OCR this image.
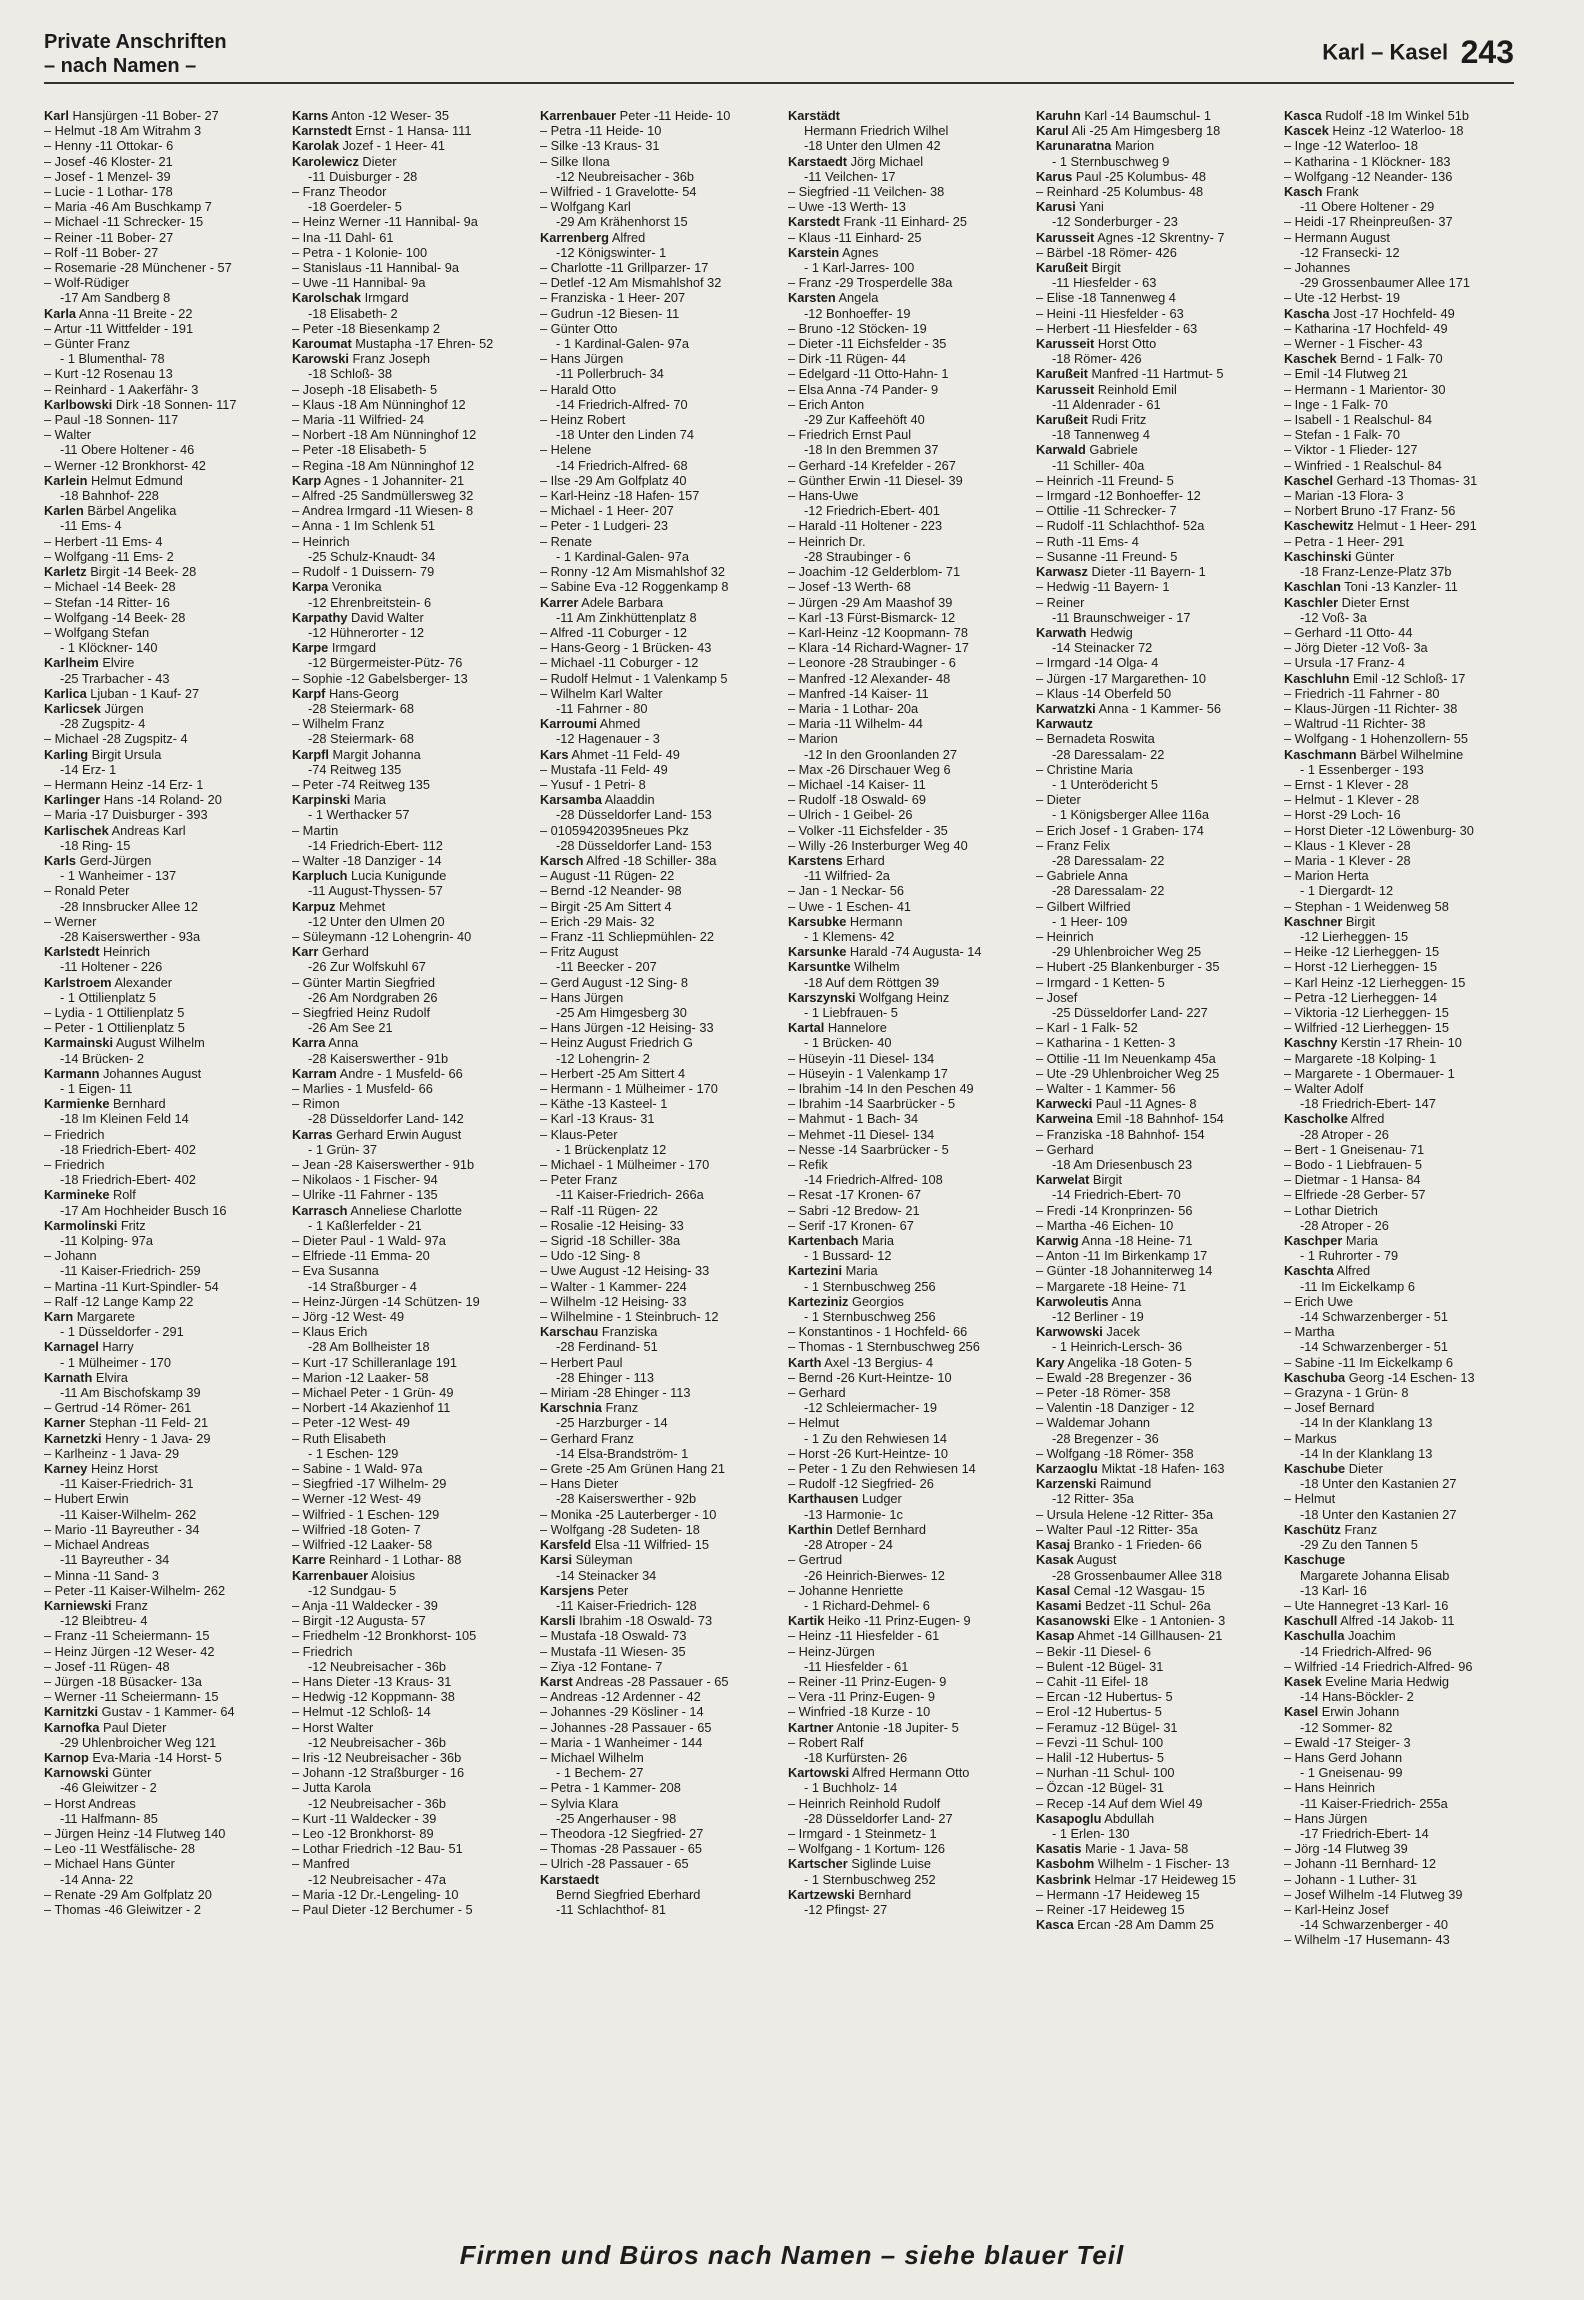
Private Anschriften
– nach Namen –
Karl – Kasel 243
Karl Hansjürgen -11 Bober- 27
– Helmut -18 Am Witrahm 3
– Henny -11 Ottokar- 6
– Josef -46 Kloster- 21
– Josef - 1 Menzel- 39
– Lucie - 1 Lothar- 178
– Maria -46 Am Buschkamp 7
– Michael -11 Schrecker- 15
– Reiner -11 Bober- 27
– Rolf -11 Bober- 27
– Rosemarie -28 Münchener - 57
– Wolf-Rüdiger
-17 Am Sandberg 8
Karla Anna -11 Breite - 22
– Artur -11 Wittfelder - 191
– Günter Franz
- 1 Blumenthal- 78
– Kurt -12 Rosenau 13
– Reinhard - 1 Aakerfähr- 3
Karlbowski Dirk -18 Sonnen- 117
– Paul -18 Sonnen- 117
– Walter
-11 Obere Holtener - 46
– Werner -12 Bronkhorst- 42
Karlein Helmut Edmund
-18 Bahnhof- 228
Karlen Bärbel Angelika
-11 Ems- 4
– Herbert -11 Ems- 4
– Wolfgang -11 Ems- 2
Karletz Birgit -14 Beek- 28
– Michael -14 Beek- 28
– Stefan -14 Ritter- 16
– Wolfgang -14 Beek- 28
– Wolfgang Stefan
- 1 Klöckner- 140
Karlheim Elvire
-25 Trarbacher - 43
Karlica Ljuban - 1 Kauf- 27
Karlicsek Jürgen
-28 Zugspitz- 4
– Michael -28 Zugspitz- 4
Karling Birgit Ursula
-14 Erz- 1
– Hermann Heinz -14 Erz- 1
Karlinger Hans -14 Roland- 20
– Maria -17 Duisburger - 393
Karlischek Andreas Karl
-18 Ring- 15
Karls Gerd-Jürgen
- 1 Wanheimer - 137
– Ronald Peter
-28 Innsbrucker Allee 12
– Werner
-28 Kaiserswerther - 93a
Karlstedt Heinrich
-11 Holtener - 226
Karlstroem Alexander
- 1 Ottilienplatz 5
– Lydia - 1 Ottilienplatz 5
– Peter - 1 Ottilienplatz 5
Karmainski August Wilhelm
-14 Brücken- 2
Karmann Johannes August
- 1 Eigen- 11
Karmienke Bernhard
-18 Im Kleinen Feld 14
– Friedrich
-18 Friedrich-Ebert- 402
– Friedrich
-18 Friedrich-Ebert- 402
Karmineke Rolf
-17 Am Hochheider Busch 16
Karmolinski Fritz
-11 Kolping- 97a
– Johann
-11 Kaiser-Friedrich- 259
– Martina -11 Kurt-Spindler- 54
– Ralf -12 Lange Kamp 22
Karn Margarete
- 1 Düsseldorfer - 291
Karnagel Harry
- 1 Mülheimer - 170
Karnath Elvira
-11 Am Bischofskamp 39
– Gertrud -14 Römer- 261
Karner Stephan -11 Feld- 21
Karnetzki Henry - 1 Java- 29
– Karlheinz - 1 Java- 29
Karney Heinz Horst
-11 Kaiser-Friedrich- 31
– Hubert Erwin
-11 Kaiser-Wilhelm- 262
– Mario -11 Bayreuther - 34
– Michael Andreas
-11 Bayreuther - 34
– Minna -11 Sand- 3
– Peter -11 Kaiser-Wilhelm- 262
Karniewski Franz
-12 Bleibtreu- 4
– Franz -11 Scheiermann- 15
– Heinz Jürgen -12 Weser- 42
– Josef -11 Rügen- 48
– Jürgen -18 Büsacker- 13a
– Werner -11 Scheiermann- 15
Karnitzki Gustav - 1 Kammer- 64
Karnofka Paul Dieter
-29 Uhlenbroicher Weg 121
Karnop Eva-Maria -14 Horst- 5
Karnowski Günter
-46 Gleiwitzer - 2
– Horst Andreas
-11 Halfmann- 85
– Jürgen Heinz -14 Flutweg 140
– Leo -11 Westfälische- 28
– Michael Hans Günter
-14 Anna- 22
– Renate -29 Am Golfplatz 20
– Thomas -46 Gleiwitzer - 2
Karns Anton -12 Weser- 35
Karnstedt Ernst - 1 Hansa- 111
Karolak Jozef - 1 Heer- 41
Karolewicz Dieter
-11 Duisburger - 28
– Franz Theodor
-18 Goerdeler- 5
– Heinz Werner -11 Hannibal- 9a
– Ina -11 Dahl- 61
– Petra - 1 Kolonie- 100
– Stanislaus -11 Hannibal- 9a
– Uwe -11 Hannibal- 9a
Karolschak Irmgard
-18 Elisabeth- 2
– Peter -18 Biesenkamp 2
Karoumat Mustapha -17 Ehren- 52
Karowski Franz Joseph
-18 Schloß- 38
– Joseph -18 Elisabeth- 5
– Klaus -18 Am Nünninghof 12
– Maria -11 Wilfried- 24
– Norbert -18 Am Nünninghof 12
– Peter -18 Elisabeth- 5
– Regina -18 Am Nünninghof 12
Karp Agnes - 1 Johanniter- 21
– Alfred -25 Sandmüllersweg 32
– Andrea Irmgard -11 Wiesen- 8
– Anna - 1 Im Schlenk 51
– Heinrich
-25 Schulz-Knaudt- 34
– Rudolf - 1 Duissern- 79
Karpa Veronika
-12 Ehrenbreitstein- 6
Karpathy David Walter
-12 Hühnerorter - 12
Karpe Irmgard
-12 Bürgermeister-Pütz- 76
– Sophie -12 Gabelsberger- 13
Karpf Hans-Georg
-28 Steiermark- 68
– Wilhelm Franz
-28 Steiermark- 68
Karpfl Margit Johanna
-74 Reitweg 135
– Peter -74 Reitweg 135
Karpinski Maria
- 1 Werthacker 57
– Martin
-14 Friedrich-Ebert- 112
– Walter -18 Danziger - 14
Karpluch Lucia Kunigunde
-11 August-Thyssen- 57
Karpuz Mehmet
-12 Unter den Ulmen 20
– Süleymann -12 Lohengrin- 40
Karr Gerhard
-26 Zur Wolfskuhl 67
– Günter Martin Siegfried
-26 Am Nordgraben 26
– Siegfried Heinz Rudolf
-26 Am See 21
Karra Anna
-28 Kaiserswerther - 91b
Karram Andre - 1 Musfeld- 66
– Marlies - 1 Musfeld- 66
– Rimon
-28 Düsseldorfer Land- 142
Karras Gerhard Erwin August
- 1 Grün- 37
– Jean -28 Kaiserswerther - 91b
– Nikolaos - 1 Fischer- 94
– Ulrike -11 Fahrner - 135
Karrasch Anneliese Charlotte
- 1 Kaßlerfelder - 21
– Dieter Paul - 1 Wald- 97a
– Elfriede -11 Emma- 20
– Eva Susanna
-14 Straßburger - 4
– Heinz-Jürgen -14 Schützen- 19
– Jörg -12 West- 49
– Klaus Erich
-28 Am Bollheister 18
– Kurt -17 Schilleranlage 191
– Marion -12 Laaker- 58
– Michael Peter - 1 Grün- 49
– Norbert -14 Akazienhof 11
– Peter -12 West- 49
– Ruth Elisabeth
- 1 Eschen- 129
– Sabine - 1 Wald- 97a
– Siegfried -17 Wilhelm- 29
– Werner -12 West- 49
– Wilfried - 1 Eschen- 129
– Wilfried -18 Goten- 7
– Wilfried -12 Laaker- 58
Karre Reinhard - 1 Lothar- 88
Karrenbauer Aloisius
-12 Sundgau- 5
– Anja -11 Waldecker - 39
– Birgit -12 Augusta- 57
– Friedhelm -12 Bronkhorst- 105
– Friedrich
-12 Neubreisacher - 36b
– Hans Dieter -13 Kraus- 31
– Hedwig -12 Koppmann- 38
– Helmut -12 Schloß- 14
– Horst Walter
-12 Neubreisacher - 36b
– Iris -12 Neubreisacher - 36b
– Johann -12 Straßburger - 16
– Jutta Karola
-12 Neubreisacher - 36b
– Kurt -11 Waldecker - 39
– Leo -12 Bronkhorst- 89
– Lothar Friedrich -12 Bau- 51
– Manfred
-12 Neubreisacher - 47a
– Maria -12 Dr.-Lengeling- 10
– Paul Dieter -12 Berchumer - 5
Karrenbauer Peter -11 Heide- 10
– Petra -11 Heide- 10
– Silke -13 Kraus- 31
– Silke Ilona
-12 Neubreisacher - 36b
– Wilfried - 1 Gravelotte- 54
– Wolfgang Karl
-29 Am Krähenhorst 15
Karrenberg Alfred
-12 Königswinter- 1
– Charlotte -11 Grillparzer- 17
– Detlef -12 Am Mismahlshof 32
– Franziska - 1 Heer- 207
– Gudrun -12 Biesen- 11
– Günter Otto
- 1 Kardinal-Galen- 97a
– Hans Jürgen
-11 Pollerbruch- 34
– Harald Otto
-14 Friedrich-Alfred- 70
– Heinz Robert
-18 Unter den Linden 74
– Helene
-14 Friedrich-Alfred- 68
– Ilse -29 Am Golfplatz 40
– Karl-Heinz -18 Hafen- 157
– Michael - 1 Heer- 207
– Peter - 1 Ludgeri- 23
– Renate
- 1 Kardinal-Galen- 97a
– Ronny -12 Am Mismahlshof 32
– Sabine Eva -12 Roggenkamp 8
Karrer Adele Barbara
-11 Am Zinkhüttenplatz 8
– Alfred -11 Coburger - 12
– Hans-Georg - 1 Brücken- 43
– Michael -11 Coburger - 12
– Rudolf Helmut - 1 Valenkamp 5
– Wilhelm Karl Walter
-11 Fahrner - 80
Karroumi Ahmed
-12 Hagenauer - 3
Kars Ahmet -11 Feld- 49
– Mustafa -11 Feld- 49
– Yusuf - 1 Petri- 8
Karsamba Alaaddin
-28 Düsseldorfer Land- 153
– 01059420395neues Pkz
-28 Düsseldorfer Land- 153
Karsch Alfred -18 Schiller- 38a
– August -11 Rügen- 22
– Bernd -12 Neander- 98
– Birgit -25 Am Sittert 4
– Erich -29 Mais- 32
– Franz -11 Schliepmühlen- 22
– Fritz August
-11 Beecker - 207
– Gerd August -12 Sing- 8
– Hans Jürgen
-25 Am Himgesberg 30
– Hans Jürgen -12 Heising- 33
– Heinz August Friedrich G
-12 Lohengrin- 2
– Herbert -25 Am Sittert 4
– Hermann - 1 Mülheimer - 170
– Käthe -13 Kasteel- 1
– Karl -13 Kraus- 31
– Klaus-Peter
- 1 Brückenplatz 12
– Michael - 1 Mülheimer - 170
– Peter Franz
-11 Kaiser-Friedrich- 266a
– Ralf -11 Rügen- 22
– Rosalie -12 Heising- 33
– Sigrid -18 Schiller- 38a
– Udo -12 Sing- 8
– Uwe August -12 Heising- 33
– Walter - 1 Kammer- 224
– Wilhelm -12 Heising- 33
– Wilhelmine - 1 Steinbruch- 12
Karschau Franziska
-28 Ferdinand- 51
– Herbert Paul
-28 Ehinger - 113
– Miriam -28 Ehinger - 113
Karschnia Franz
-25 Harzburger - 14
– Gerhard Franz
-14 Elsa-Brandström- 1
– Grete -25 Am Grünen Hang 21
– Hans Dieter
-28 Kaiserswerther - 92b
– Monika -25 Lauterberger - 10
– Wolfgang -28 Sudeten- 18
Karsfeld Elsa -11 Wilfried- 15
Karsi Süleyman
-14 Steinacker 34
Karsjens Peter
-11 Kaiser-Friedrich- 128
Karsli Ibrahim -18 Oswald- 73
– Mustafa -18 Oswald- 73
– Mustafa -11 Wiesen- 35
– Ziya -12 Fontane- 7
Karst Andreas -28 Passauer - 65
– Andreas -12 Ardenner - 42
– Johannes -29 Kösliner - 14
– Johannes -28 Passauer - 65
– Maria - 1 Wanheimer - 144
– Michael Wilhelm
- 1 Bechem- 27
– Petra - 1 Kammer- 208
– Sylvia Klara
-25 Angerhauser - 98
– Theodora -12 Siegfried- 27
– Thomas -28 Passauer - 65
– Ulrich -28 Passauer - 65
Karstaedt
Bernd Siegfried Eberhard
-11 Schlachthof- 81
Karstädt
Hermann Friedrich Wilhel
-18 Unter den Ulmen 42
Karstaedt Jörg Michael
-11 Veilchen- 17
– Siegfried -11 Veilchen- 38
– Uwe -13 Werth- 13
Karstedt Frank -11 Einhard- 25
– Klaus -11 Einhard- 25
Karstein Agnes
- 1 Karl-Jarres- 100
– Franz -29 Trosperdelle 38a
Karsten Angela
-12 Bonhoeffer- 19
– Bruno -12 Stöcken- 19
– Dieter -11 Eichsfelder - 35
– Dirk -11 Rügen- 44
– Edelgard -11 Otto-Hahn- 1
– Elsa Anna -74 Pander- 9
– Erich Anton
-29 Zur Kaffeehöft 40
– Friedrich Ernst Paul
-18 In den Bremmen 37
– Gerhard -14 Krefelder - 267
– Günther Erwin -11 Diesel- 39
– Hans-Uwe
-12 Friedrich-Ebert- 401
– Harald -11 Holtener - 223
– Heinrich Dr.
-28 Straubinger - 6
– Joachim -12 Gelderblom- 71
– Josef -13 Werth- 68
– Jürgen -29 Am Maashof 39
– Karl -13 Fürst-Bismarck- 12
– Karl-Heinz -12 Koopmann- 78
– Klara -14 Richard-Wagner- 17
– Leonore -28 Straubinger - 6
– Manfred -12 Alexander- 48
– Manfred -14 Kaiser- 11
– Maria - 1 Lothar- 20a
– Maria -11 Wilhelm- 44
– Marion
-12 In den Groonlanden 27
– Max -26 Dirschauer Weg 6
– Michael -14 Kaiser- 11
– Rudolf -18 Oswald- 69
– Ulrich - 1 Geibel- 26
– Volker -11 Eichsfelder - 35
– Willy -26 Insterburger Weg 40
Karstens Erhard
-11 Wilfried- 2a
– Jan - 1 Neckar- 56
– Uwe - 1 Eschen- 41
Karsubke Hermann
- 1 Klemens- 42
Karsunke Harald -74 Augusta- 14
Karsuntke Wilhelm
-18 Auf dem Röttgen 39
Karszynski Wolfgang Heinz
- 1 Liebfrauen- 5
Kartal Hannelore
- 1 Brücken- 40
– Hüseyin -11 Diesel- 134
– Hüseyin - 1 Valenkamp 17
– Ibrahim -14 In den Peschen 49
– Ibrahim -14 Saarbrücker - 5
– Mahmut - 1 Bach- 34
– Mehmet -11 Diesel- 134
– Nesse -14 Saarbrücker - 5
– Refik
-14 Friedrich-Alfred- 108
– Resat -17 Kronen- 67
– Sabri -12 Bredow- 21
– Serif -17 Kronen- 67
Kartenbach Maria
- 1 Bussard- 12
Kartezini Maria
- 1 Sternbuschweg 256
Karteziniz Georgios
- 1 Sternbuschweg 256
– Konstantinos - 1 Hochfeld- 66
– Thomas - 1 Sternbuschweg 256
Karth Axel -13 Bergius- 4
– Bernd -26 Kurt-Heintze- 10
– Gerhard
-12 Schleiermacher- 19
– Helmut
- 1 Zu den Rehwiesen 14
– Horst -26 Kurt-Heintze- 10
– Peter - 1 Zu den Rehwiesen 14
– Rudolf -12 Siegfried- 26
Karthausen Ludger
-13 Harmonie- 1c
Karthin Detlef Bernhard
-28 Atroper - 24
– Gertrud
-26 Heinrich-Bierwes- 12
– Johanne Henriette
- 1 Richard-Dehmel- 6
Kartik Heiko -11 Prinz-Eugen- 9
– Heinz -11 Hiesfelder - 61
– Heinz-Jürgen
-11 Hiesfelder - 61
– Reiner -11 Prinz-Eugen- 9
– Vera -11 Prinz-Eugen- 9
– Winfried -18 Kurze - 10
Kartner Antonie -18 Jupiter- 5
– Robert Ralf
-18 Kurfürsten- 26
Kartowski Alfred Hermann Otto
- 1 Buchholz- 14
– Heinrich Reinhold Rudolf
-28 Düsseldorfer Land- 27
– Irmgard - 1 Steinmetz- 1
– Wolfgang - 1 Kortum- 126
Kartscher Siglinde Luise
- 1 Sternbuschweg 252
Kartzewski Bernhard
-12 Pfingst- 27
Karuhn Karl -14 Baumschul- 1
Karul Ali -25 Am Himgesberg 18
Karunaratna Marion
- 1 Sternbuschweg 9
Karus Paul -25 Kolumbus- 48
– Reinhard -25 Kolumbus- 48
Karusi Yani
-12 Sonderburger - 23
Karusseit Agnes -12 Skrentny- 7
– Bärbel -18 Römer- 426
Karußeit Birgit
-11 Hiesfelder - 63
– Elise -18 Tannenweg 4
– Heini -11 Hiesfelder - 63
– Herbert -11 Hiesfelder - 63
Karusseit Horst Otto
-18 Römer- 426
Karußeit Manfred -11 Hartmut- 5
Karusseit Reinhold Emil
-11 Aldenrader - 61
Karußeit Rudi Fritz
-18 Tannenweg 4
Karwald Gabriele
-11 Schiller- 40a
– Heinrich -11 Freund- 5
– Irmgard -12 Bonhoeffer- 12
– Ottilie -11 Schrecker- 7
– Rudolf -11 Schlachthof- 52a
– Ruth -11 Ems- 4
– Susanne -11 Freund- 5
Karwasz Dieter -11 Bayern- 1
– Hedwig -11 Bayern- 1
– Reiner
-11 Braunschweiger - 17
Karwath Hedwig
-14 Steinacker 72
– Irmgard -14 Olga- 4
– Jürgen -17 Margarethen- 10
– Klaus -14 Oberfeld 50
Karwatzki Anna - 1 Kammer- 56
Karwautz
– Bernadeta Roswita
-28 Daressalam- 22
– Christine Maria
- 1 Unterödericht 5
– Dieter
- 1 Königsberger Allee 116a
– Erich Josef - 1 Graben- 174
– Franz Felix
-28 Daressalam- 22
– Gabriele Anna
-28 Daressalam- 22
– Gilbert Wilfried
- 1 Heer- 109
– Heinrich
-29 Uhlenbroicher Weg 25
– Hubert -25 Blankenburger - 35
– Irmgard - 1 Ketten- 5
– Josef
-25 Düsseldorfer Land- 227
– Karl - 1 Falk- 52
– Katharina - 1 Ketten- 3
– Ottilie -11 Im Neuenkamp 45a
– Ute -29 Uhlenbroicher Weg 25
– Walter - 1 Kammer- 56
Karwecki Paul -11 Agnes- 8
Karweina Emil -18 Bahnhof- 154
– Franziska -18 Bahnhof- 154
– Gerhard
-18 Am Driesenbusch 23
Karwelat Birgit
-14 Friedrich-Ebert- 70
– Fredi -14 Kronprinzen- 56
– Martha -46 Eichen- 10
Karwig Anna -18 Heine- 71
– Anton -11 Im Birkenkamp 17
– Günter -18 Johanniterweg 14
– Margarete -18 Heine- 71
Karwoleutis Anna
-12 Berliner - 19
Karwowski Jacek
- 1 Heinrich-Lersch- 36
Kary Angelika -18 Goten- 5
– Ewald -28 Bregenzer - 36
– Peter -18 Römer- 358
– Valentin -18 Danziger - 12
– Waldemar Johann
-28 Bregenzer - 36
– Wolfgang -18 Römer- 358
Karzaoglu Miktat -18 Hafen- 163
Karzenski Raimund
-12 Ritter- 35a
– Ursula Helene -12 Ritter- 35a
– Walter Paul -12 Ritter- 35a
Kasaj Branko - 1 Frieden- 66
Kasak August
-28 Grossenbaumer Allee 318
Kasal Cemal -12 Wasgau- 15
Kasami Bedzet -11 Schul- 26a
Kasanowski Elke - 1 Antonien- 3
Kasap Ahmet -14 Gillhausen- 21
– Bekir -11 Diesel- 6
– Bulent -12 Bügel- 31
– Cahit -11 Eifel- 18
– Ercan -12 Hubertus- 5
– Erol -12 Hubertus- 5
– Feramuz -12 Bügel- 31
– Fevzi -11 Schul- 100
– Halil -12 Hubertus- 5
– Nurhan -11 Schul- 100
– Özcan -12 Bügel- 31
– Recep -14 Auf dem Wiel 49
Kasapoglu Abdullah
- 1 Erlen- 130
Kasatis Marie - 1 Java- 58
Kasbohm Wilhelm - 1 Fischer- 13
Kasbrink Helmar -17 Heideweg 15
– Hermann -17 Heideweg 15
– Reiner -17 Heideweg 15
Kasca Ercan -28 Am Damm 25
Kasca Rudolf -18 Im Winkel 51b
Kascek Heinz -12 Waterloo- 18
– Inge -12 Waterloo- 18
– Katharina - 1 Klöckner- 183
– Wolfgang -12 Neander- 136
Kasch Frank
-11 Obere Holtener - 29
– Heidi -17 Rheinpreußen- 37
– Hermann August
-12 Fransecki- 12
– Johannes
-29 Grossenbaumer Allee 171
– Ute -12 Herbst- 19
Kascha Jost -17 Hochfeld- 49
– Katharina -17 Hochfeld- 49
– Werner - 1 Fischer- 43
Kaschek Bernd - 1 Falk- 70
– Emil -14 Flutweg 21
– Hermann - 1 Marientor- 30
– Inge - 1 Falk- 70
– Isabell - 1 Realschul- 84
– Stefan - 1 Falk- 70
– Viktor - 1 Flieder- 127
– Winfried - 1 Realschul- 84
Kaschel Gerhard -13 Thomas- 31
– Marian -13 Flora- 3
– Norbert Bruno -17 Franz- 56
Kaschewitz Helmut - 1 Heer- 291
– Petra - 1 Heer- 291
Kaschinski Günter
-18 Franz-Lenze-Platz 37b
Kaschlan Toni -13 Kanzler- 11
Kaschler Dieter Ernst
-12 Voß- 3a
– Gerhard -11 Otto- 44
– Jörg Dieter -12 Voß- 3a
– Ursula -17 Franz- 4
Kaschluhn Emil -12 Schloß- 17
– Friedrich -11 Fahrner - 80
– Klaus-Jürgen -11 Richter- 38
– Waltrud -11 Richter- 38
– Wolfgang - 1 Hohenzollern- 55
Kaschmann Bärbel Wilhelmine
- 1 Essenberger - 193
– Ernst - 1 Klever - 28
– Helmut - 1 Klever - 28
– Horst -29 Loch- 16
– Horst Dieter -12 Löwenburg- 30
– Klaus - 1 Klever - 28
– Maria - 1 Klever - 28
– Marion Herta
- 1 Diergardt- 12
– Stephan - 1 Weidenweg 58
Kaschner Birgit
-12 Lierheggen- 15
– Heike -12 Lierheggen- 15
– Horst -12 Lierheggen- 15
– Karl Heinz -12 Lierheggen- 15
– Petra -12 Lierheggen- 14
– Viktoria -12 Lierheggen- 15
– Wilfried -12 Lierheggen- 15
Kaschny Kerstin -17 Rhein- 10
– Margarete -18 Kolping- 1
– Margarete - 1 Obermauer- 1
– Walter Adolf
-18 Friedrich-Ebert- 147
Kascholke Alfred
-28 Atroper - 26
– Bert - 1 Gneisenau- 71
– Bodo - 1 Liebfrauen- 5
– Dietmar - 1 Hansa- 84
– Elfriede -28 Gerber- 57
– Lothar Dietrich
-28 Atroper - 26
Kaschper Maria
- 1 Ruhrorter - 79
Kaschta Alfred
-11 Im Eickelkamp 6
– Erich Uwe
-14 Schwarzenberger - 51
– Martha
-14 Schwarzenberger - 51
– Sabine -11 Im Eickelkamp 6
Kaschuba Georg -14 Eschen- 13
– Grazyna - 1 Grün- 8
– Josef Bernard
-14 In der Klanklang 13
– Markus
-14 In der Klanklang 13
Kaschube Dieter
-18 Unter den Kastanien 27
– Helmut
-18 Unter den Kastanien 27
Kaschütz Franz
-29 Zu den Tannen 5
Kaschuge
Margarete Johanna Elisab
-13 Karl- 16
– Ute Hannegret -13 Karl- 16
Kaschull Alfred -14 Jakob- 11
Kaschulla Joachim
-14 Friedrich-Alfred- 96
– Wilfried -14 Friedrich-Alfred- 96
Kasek Eveline Maria Hedwig
-14 Hans-Böckler- 2
Kasel Erwin Johann
-12 Sommer- 82
– Ewald -17 Steiger- 3
– Hans Gerd Johann
- 1 Gneisenau- 99
– Hans Heinrich
-11 Kaiser-Friedrich- 255a
– Hans Jürgen
-17 Friedrich-Ebert- 14
– Jörg -14 Flutweg 39
– Johann -11 Bernhard- 12
– Johann - 1 Luther- 31
– Josef Wilhelm -14 Flutweg 39
– Karl-Heinz Josef
-14 Schwarzenberger - 40
– Wilhelm -17 Husemann- 43
Firmen und Büros nach Namen – siehe blauer Teil
